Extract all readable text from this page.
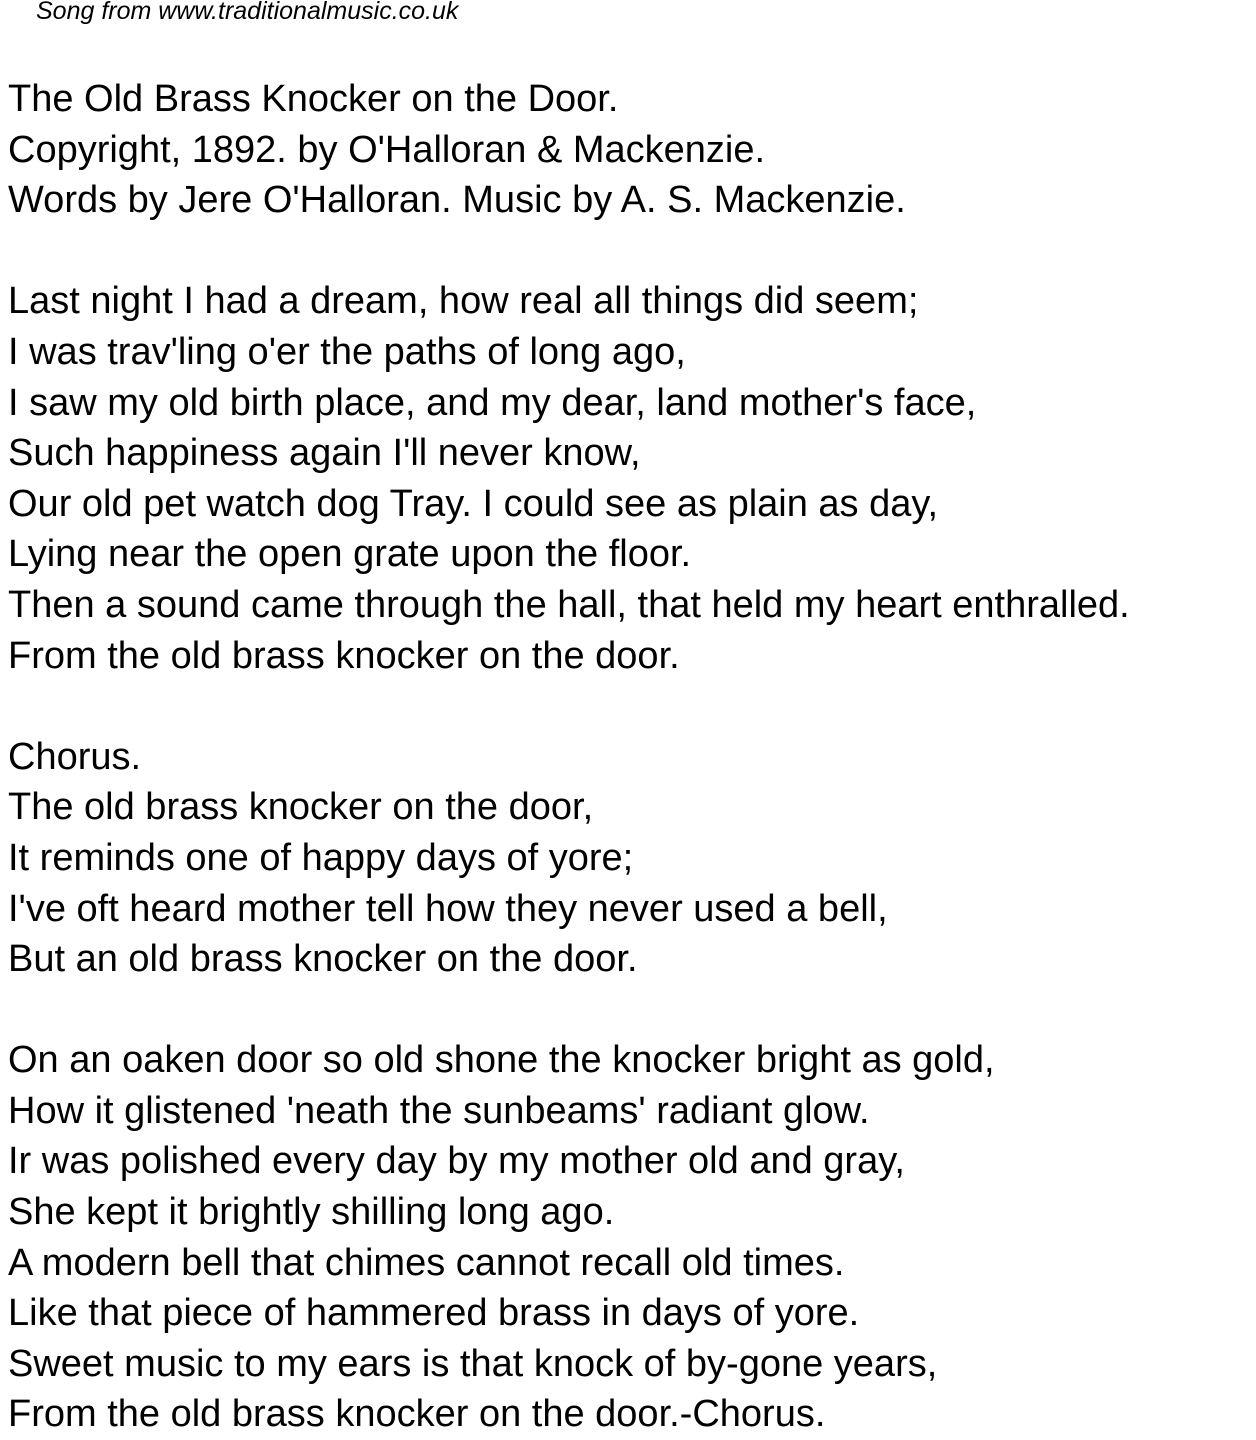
Song from www.traditionalmusic.co.uk
The Old Brass Knocker on the Door.
Copyright, 1892. by O'Halloran & Mackenzie.
Words by Jere O'Halloran. Music by A. S. Mackenzie.
Last night I had a dream, how real all things did seem;
I was trav'ling o'er the paths of long ago,
I saw my old birth place, and my dear, land mother's face,
Such happiness again I'll never know,
Our old pet watch dog Tray. I could see as plain as day,
Lying near the open grate upon the floor.
Then a sound came through the hall, that held my heart enthralled.
From the old brass knocker on the door.
Chorus.
The old brass knocker on the door,
It reminds one of happy days of yore;
I've oft heard mother tell how they never used a bell,
But an old brass knocker on the door.
On an oaken door so old shone the knocker bright as gold,
How it glistened 'neath the sunbeams' radiant glow.
Ir was polished every day by my mother old and gray,
She kept it brightly shilling long ago.
A modern bell that chimes cannot recall old times.
Like that piece of hammered brass in days of yore.
Sweet music to my ears is that knock of by-gone years,
From the old brass knocker on the door.-Chorus.
